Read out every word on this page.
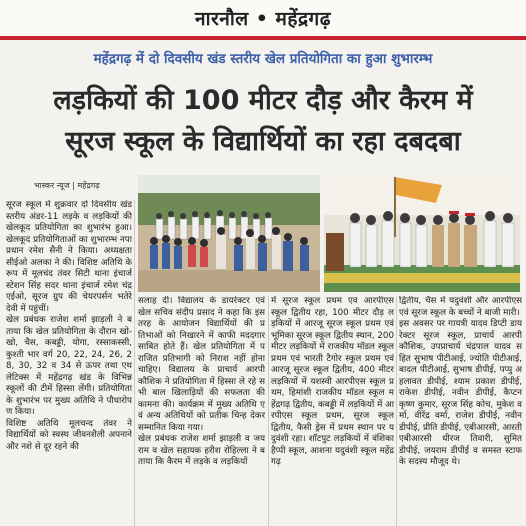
नारनौल • महेंद्रगढ़
महेंद्रगढ़ में दो दिवसीय खंड स्तरीय खेल प्रतियोगिता का हुआ शुभारम्भ
लड़कियों की 100 मीटर दौड़ और कैरम में
सूरज स्कूल के विद्यार्थियों का रहा दबदबा
भास्कर न्यूज | महेंद्रगढ़

सूरज स्कूल में शुक्रवार दो दिवसीय खंड स्तरीय अंडर-11 लड़के व लड़कियों की खेलकूद प्रतियोगिता का शुभारंभ हुआ। खेलकूद प्रतियोगिताओं का शुभारम्भ नपा प्रधान रमेश सैनी ने किया। अध्यक्षता सीईओ अलका ने की। विशिष्ट अतिथि के रूप में मूलचंद तंवर सिटी थाना इंचार्ज स्टेशन सिंह सदर थाना इंचार्ज रमेश चंद्र एईओ, सूरज ग्रुप की चेयरपर्सन भतेरे देवी में पहुंचीं।

खेल प्रबंधक राजेश शर्मा झाड़ली ने बताया कि खेल प्रतियोगिता के दौरान खो-खो, चैस, कबड्डी, योगा, रस्साकस्सी, कुश्ती भार वर्ग 20, 22, 24, 26, 28, 30, 32 व 34 से ऊपर तथा एथलेटिक्स में महेंद्रगढ़ खंड के विभिन्न स्कूलों की टीमें हिस्सा लेंगी। प्रतियोगिता के शुभारंभ पर मुख्य अतिथि ने पौधारोपण किया।

विशिष्ट अतिथि मूलचन्द तंवर ने विद्यार्थियों को स्वस्थ जीवनशैली अपनाने और नशे से दूर रहने की

सलाह दी। विद्यालय के डायरेक्टर एवं खेल सचिव संदीप प्रसाद ने कहा कि इस तरह के आयोजन विद्यार्थियों की प्रतिभाओं को निखारने में काफी मददगार साबित होते हैं। खेल प्रतियोगिता में पराजित प्रतिभागी को निराश नहीं होना चाहिए। विद्यालय के प्राचार्य आरपी कौशिक ने प्रतियोगिता में हिस्सा ले रहे सभी बाल खिलाड़ियों की सफलता की कामना की। कार्यक्रम में मुख्य अतिथि एवं अन्य अतिथियों को प्रतीक चिन्ह देकर सम्मानित किया गया।

खेल प्रबंधक राजेश शर्मा झाड़ली व जय राम व खेल सहायक हरीश रोहिल्ला ने बताया कि कैरम में लड़के व लड़कियों

में सूरज स्कूल प्रथम एव आरपीएस स्कूल द्वितीय रहा, 100 मीटर दौड़ लड़कियों में आरजू सूरज स्कूल प्रथम एवं भूमिका सूरज स्कूल द्वितीय स्थान, 200 मीटर लड़कियों में राजकीय मॉडल स्कूल प्रथम एवं भारती टैगोर स्कूल प्रथम एवं आरजू सूरज स्कूल द्वितीय, 400 मीटर लड़कियों में यशस्वी आरपीएस स्कूल प्रथम, हिमांशी राजकीय मॉडल स्कूल महेंद्रगढ़ द्वितीय, कबड्डी में लड़कियों में आरपीएस स्कूल प्रथम, सूरज स्कूल द्वितीय, फैसी ड्रेस में प्रथम स्थान पर यदुवंशी रहा। शॉटपुट लड़कियों में वंशिका हैप्पी स्कूल, आशना यदुवंशी स्कूल महेंद्रगढ़

द्वितीय, चैस में यदुवंशी और आरपीएस एवं सूरज स्कूल के बच्चों ने बाजी मारी।

इस अवसर पर गायत्री यादव डिप्टी डायरेक्टर सूरज स्कूल, प्राचार्य आरपी कौशिक, उपप्राचार्य चंद्रपाल यादव सहित सुभाष पीटीआई, ज्योति पीटीआई, बादल पीटीआई, सुभाष डीपीई, पप्पु अहलावत डीपीई, श्याम प्रकाश डीपीई, राकेश डीपीई, नवीन डीपीई, कैप्टन कृष्ण कुमार, सूरज सिंह कोच, मुकेश वर्मा, वीरेंद्र वर्मा, राजेश डीपीई, नवीन डीपीई, प्रीति डीपीई, एबीआरसी, आरती एबीआरसी धीरज तिवारी, सुमित डीपीई, जयराम डीपीई व समस्त स्टाफ के सदस्य मौजूद थे।
